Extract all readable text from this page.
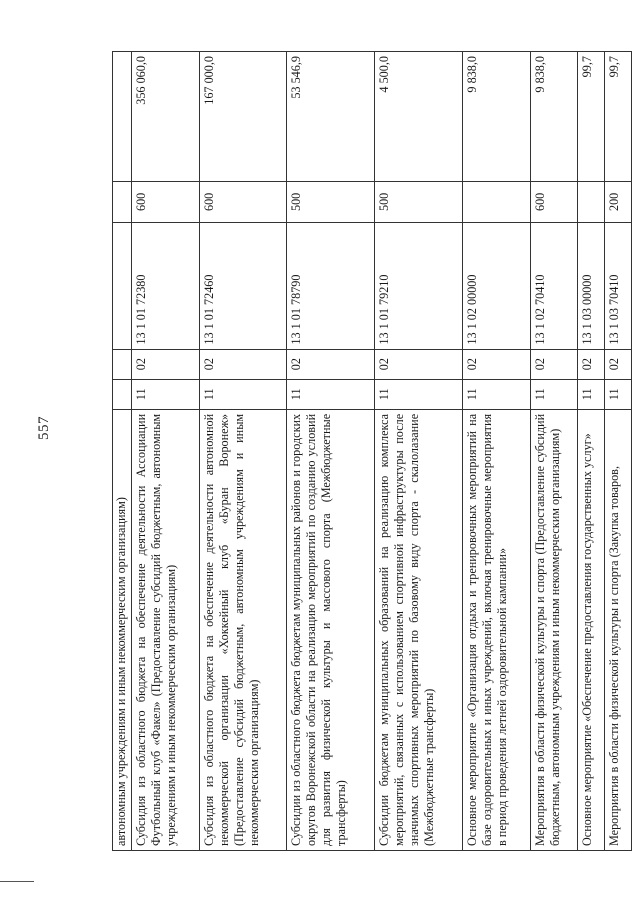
557
автономным учреждениям и иным некоммерческим организациям)					
Субсидия из областного бюджета на обеспечение деятельности Ассоциации Футбольный клуб «Факел» (Предоставление субсидий бюджетным, автономным учреждениям и иным некоммерческим организациям)	11	02	13 1 01 72380	600	356 060,0
Субсидия из областного бюджета на обеспечение деятельности автономной некоммерческой организации «Хоккейный клуб «Буран Воронеж» (Предоставление субсидий бюджетным, автономным учреждениям и иным некоммерческим организациям)	11	02	13 1 01 72460	600	167 000,0
Субсидии из областного бюджета бюджетам муниципальных районов и городских округов Воронежской области на реализацию мероприятий по созданию условий для развития физической культуры и массового спорта (Межбюджетные трансферты)	11	02	13 1 01 78790	500	53 546,9
Субсидии бюджетам муниципальных образований на реализацию комплекса мероприятий, связанных с использованием спортивной инфраструктуры после значимых спортивных мероприятий по базовому виду спорта - скалолазание (Межбюджетные трансферты)	11	02	13 1 01 79210	500	4 500,0
Основное мероприятие «Организация отдыха и тренировочных мероприятий на базе оздоровительных и иных учреждений, включая тренировочные мероприятия в период проведения летней оздоровительной кампании»	11	02	13 1 02 00000		9 838,0
Мероприятия в области физической культуры и спорта (Предоставление субсидий бюджетным, автономным учреждениям и иным некоммерческим организациям)	11	02	13 1 02 70410	600	9 838,0
Основное мероприятие «Обеспечение предоставления государственных услуг»	11	02	13 1 03 00000		99,7
Мероприятия в области физической культуры и спорта (Закупка товаров,	11	02	13 1 03 70410	200	99,7
